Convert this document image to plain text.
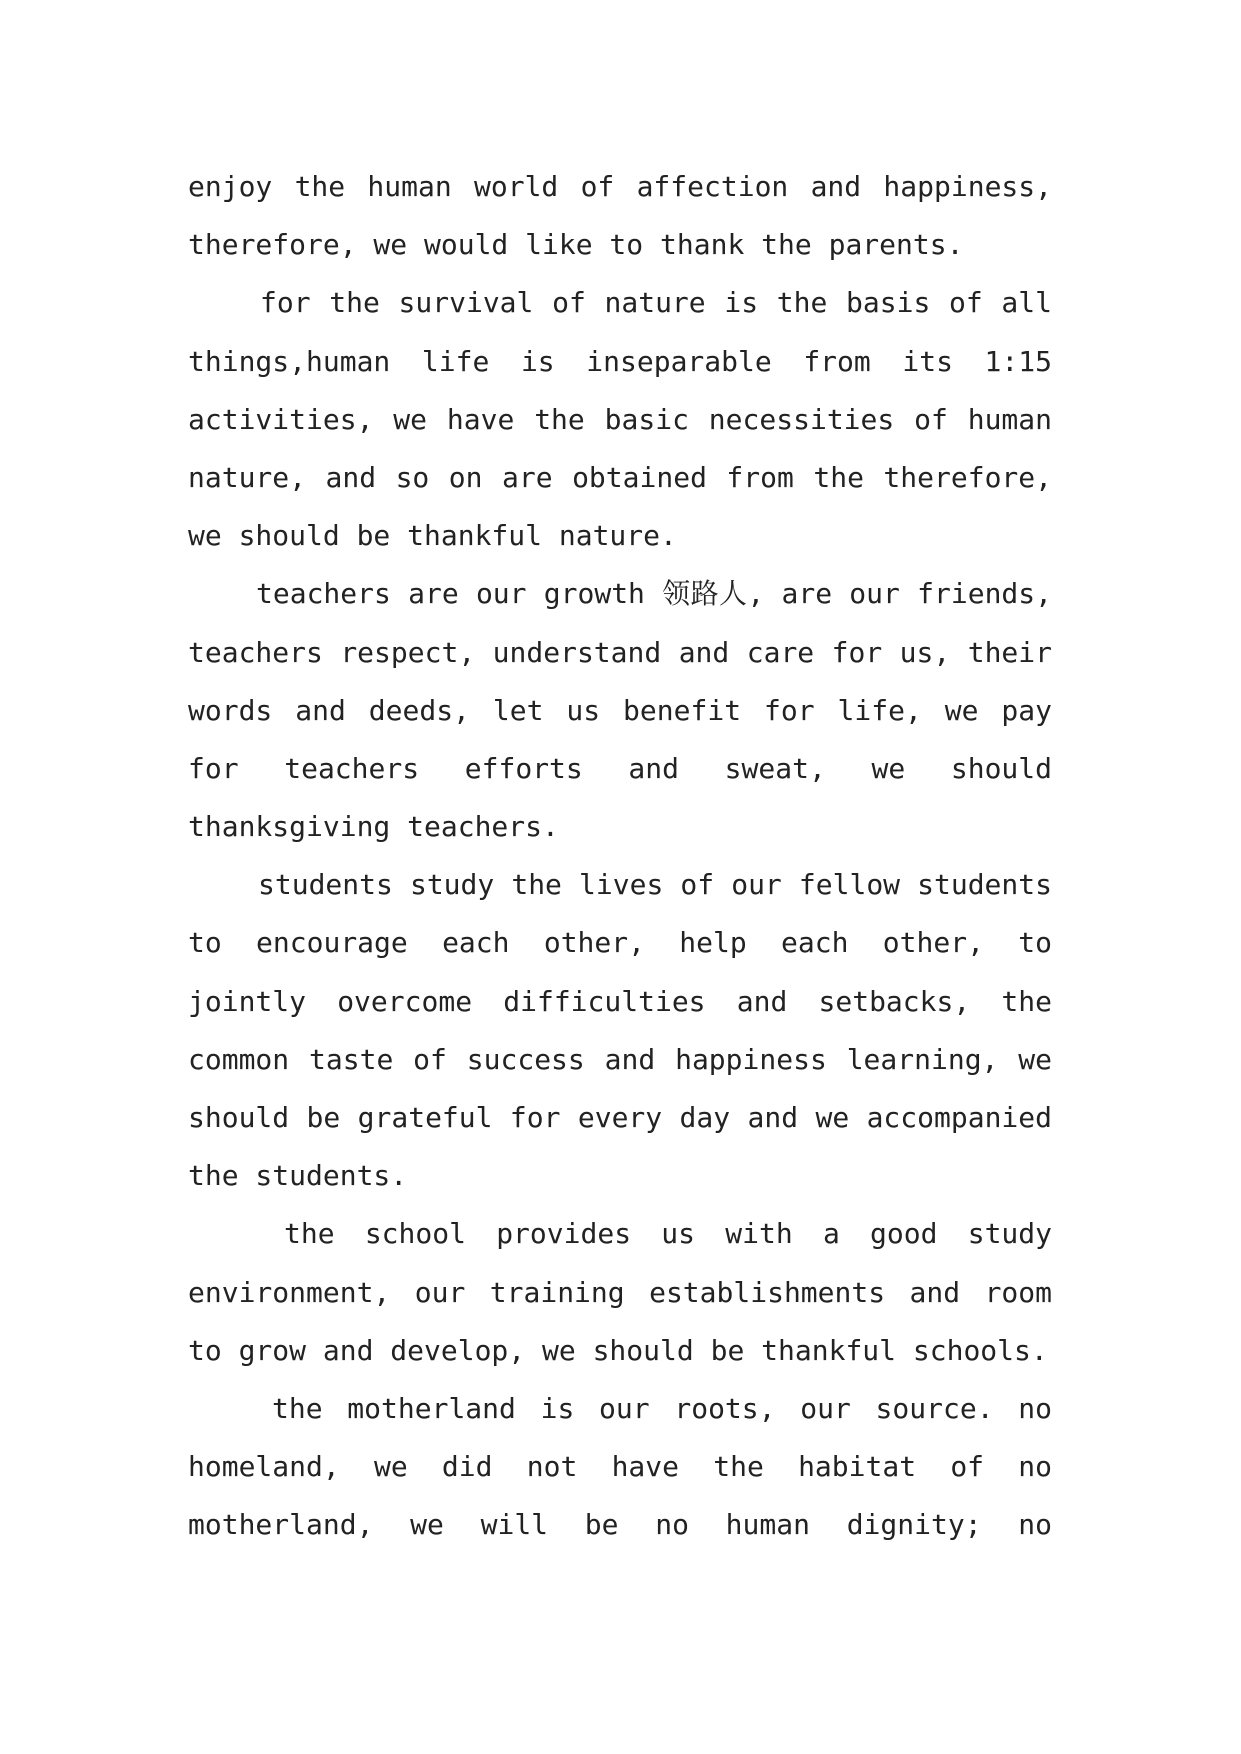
enjoy the human world of affection and happiness,
therefore, we would like to thank the parents.
for the survival of nature is the basis of all
things,human life is inseparable from its 1:15
activities, we have the basic necessities of human
nature, and so on are obtained from the therefore,
we should be thankful nature.
teachers are our growth 领路人, are our friends,
teachers respect, understand and care for us, their
words and deeds, let us benefit for life, we pay
for teachers efforts and sweat, we should
thanksgiving teachers.
students study the lives of our fellow students
to encourage each other, help each other, to
jointly overcome difficulties and setbacks, the
common taste of success and happiness learning, we
should be grateful for every day and we accompanied
the students.
the school provides us with a good study
environment, our training establishments and room
to grow and develop, we should be thankful schools.
the motherland is our roots, our source. no
homeland, we did not have the habitat of no
motherland, we will be no human dignity; no
